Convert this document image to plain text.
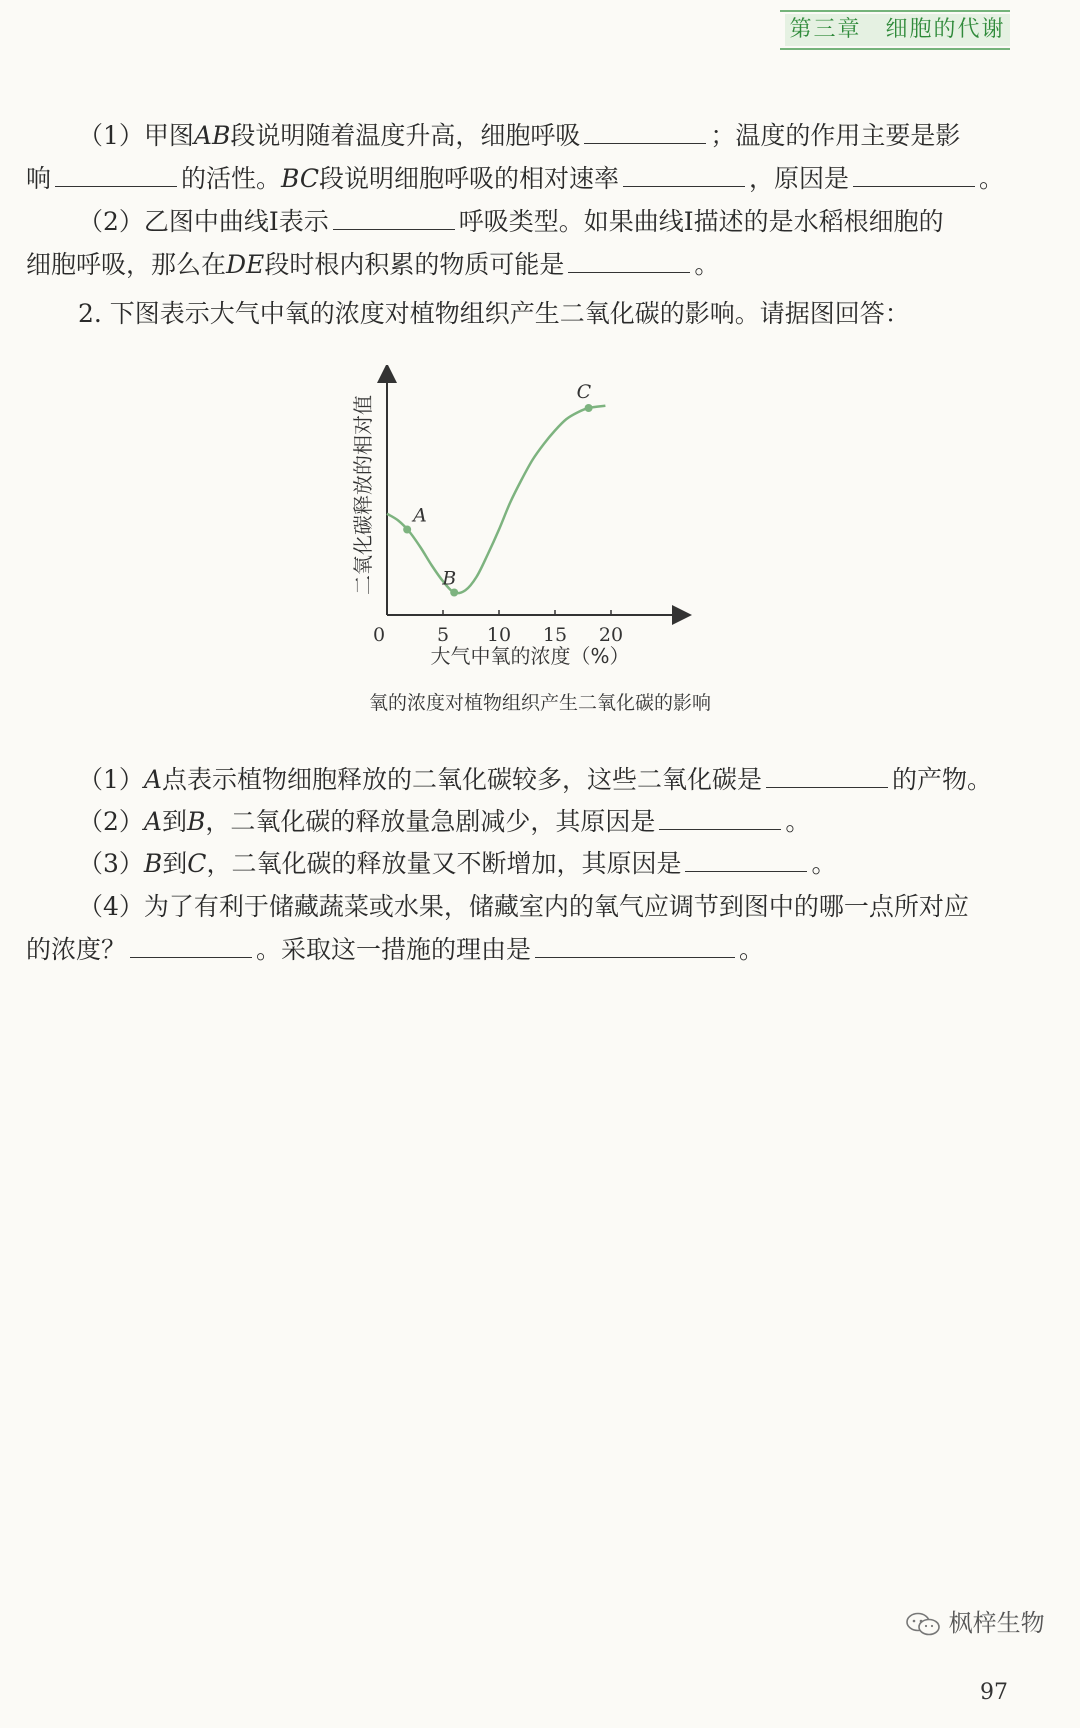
第三章　细胞的代谢
（1）甲图AB段说明随着温度升高，细胞呼吸	；温度的作用主要是影
响	的活性。BC段说明细胞呼吸的相对速率	，原因是	。
（2）乙图中曲线Ⅰ表示	呼吸类型。如果曲线Ⅰ描述的是水稻根细胞的
细胞呼吸，那么在DE段时根内积累的物质可能是	。
2. 下图表示大气中氧的浓度对植物组织产生二氧化碳的影响。请据图回答：
0	5 10 15 20
A
B
C
二氧化碳释放的相对值
大气中氧的浓度（%）
氧的浓度对植物组织产生二氧化碳的影响
（1）A点表示植物细胞释放的二氧化碳较多，这些二氧化碳是	的产物。
（2）A到B，二氧化碳的释放量急剧减少，其原因是	。
（3）B到C，二氧化碳的释放量又不断增加，其原因是	。
（4）为了有利于储藏蔬菜或水果，储藏室内的氧气应调节到图中的哪一点所对应
的浓度？	。采取这一措施的理由是	。
枫梓生物
97
